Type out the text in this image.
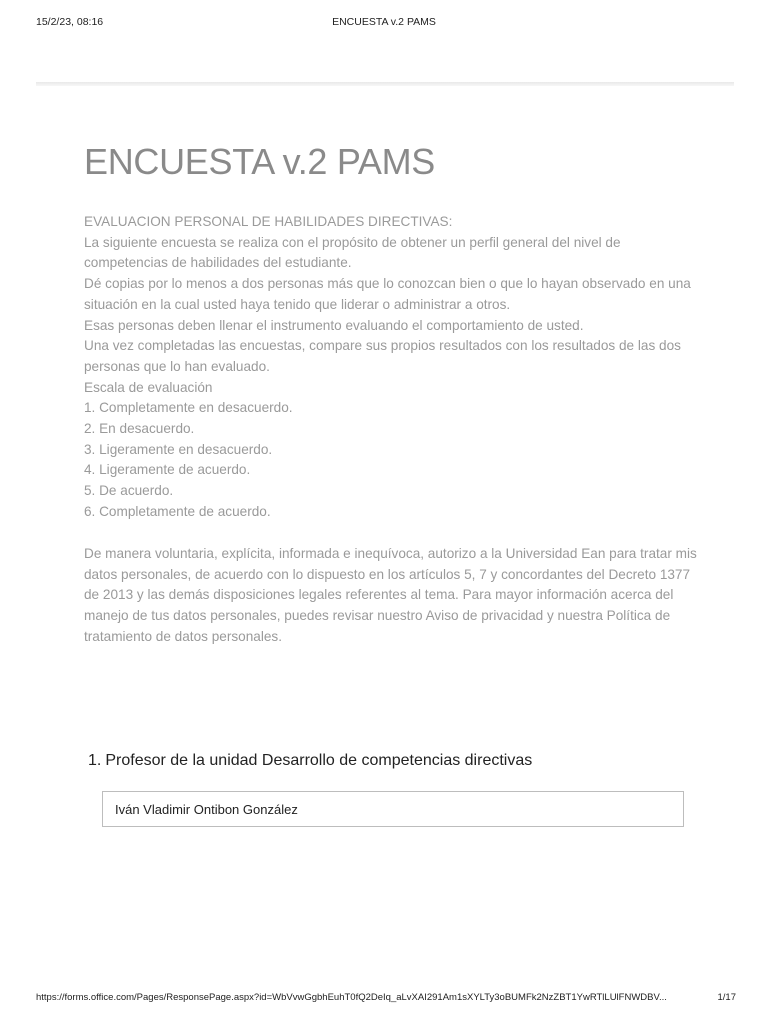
15/2/23, 08:16	ENCUESTA v.2 PAMS
ENCUESTA v.2 PAMS
EVALUACION PERSONAL DE HABILIDADES DIRECTIVAS:
La siguiente encuesta se realiza con el propósito de obtener un perfil general del nivel de competencias de habilidades del estudiante.
Dé copias por lo menos a dos personas más que lo conozcan bien o que lo hayan observado en una situación en la cual usted haya tenido que liderar o administrar a otros.
Esas personas deben llenar el instrumento evaluando el comportamiento de usted.
Una vez completadas las encuestas, compare sus propios resultados con los resultados de las dos personas que lo han evaluado.
Escala de evaluación
1. Completamente en desacuerdo.
2. En desacuerdo.
3. Ligeramente en desacuerdo.
4. Ligeramente de acuerdo.
5. De acuerdo.
6. Completamente de acuerdo.
De manera voluntaria, explícita, informada e inequívoca, autorizo a la Universidad Ean para tratar mis datos personales, de acuerdo con lo dispuesto en los artículos 5, 7 y concordantes del Decreto 1377 de 2013 y las demás disposiciones legales referentes al tema. Para mayor información acerca del manejo de tus datos personales, puedes revisar nuestro Aviso de privacidad y nuestra Política de tratamiento de datos personales.
1. Profesor de la unidad Desarrollo de competencias directivas
Iván Vladimir Ontibon González
https://forms.office.com/Pages/ResponsePage.aspx?id=WbVvwGgbhEuhT0fQ2DeIq_aLvXAI291Am1sXYLTy3oBUMFk2NzZBT1YwRTlLUlFNWDBV...	1/17
